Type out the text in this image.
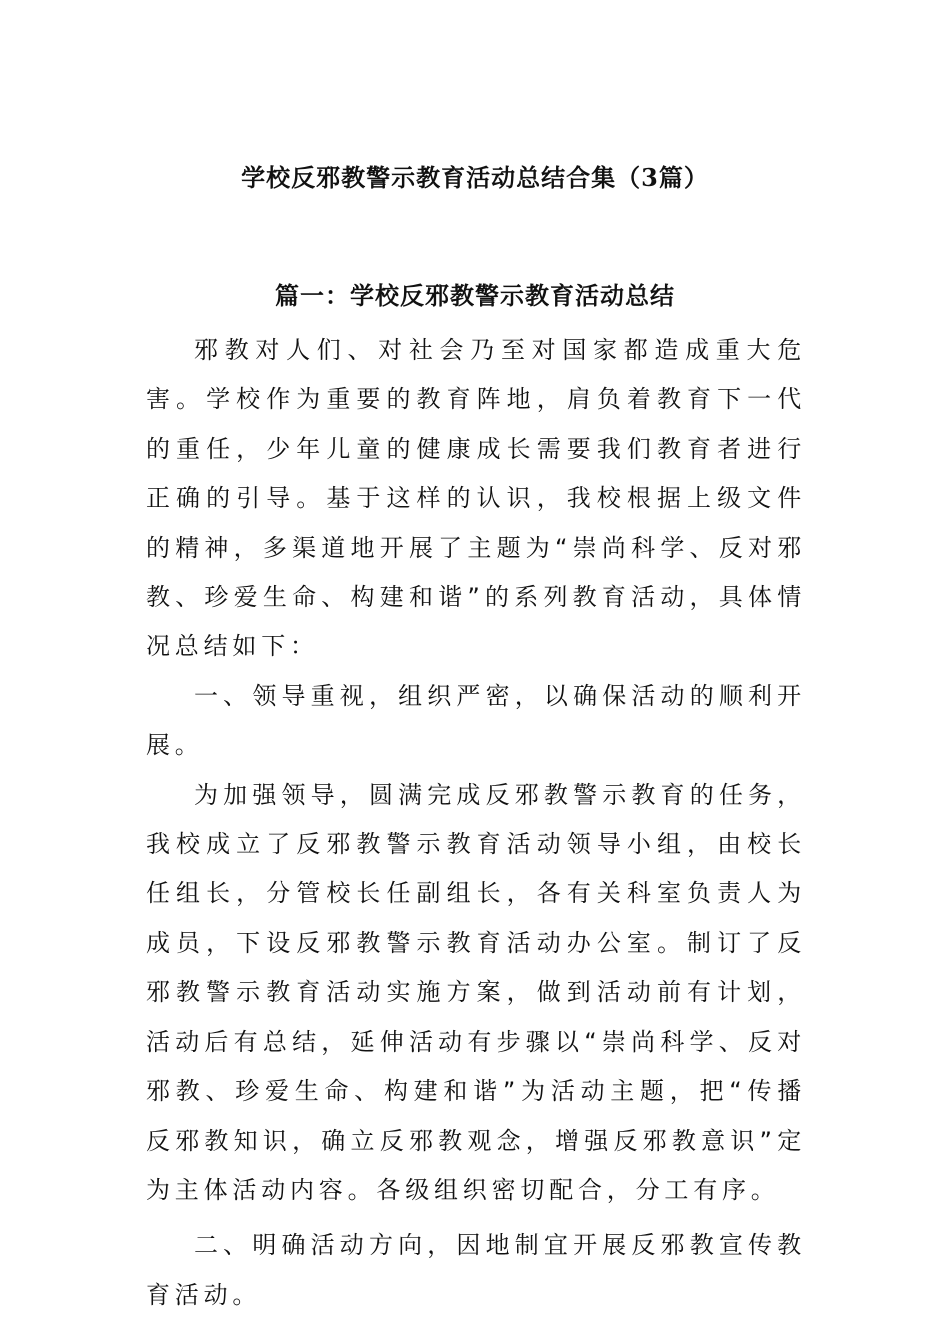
学校反邪教警示教育活动总结合集（3篇）
篇一：学校反邪教警示教育活动总结

邪教对人们、对社会乃至对国家都造成重大危害。学校作为重要的教育阵地，肩负着教育下一代的重任，少年儿童的健康成长需要我们教育者进行正确的引导。基于这样的认识，我校根据上级文件的精神，多渠道地开展了主题为“崇尚科学、反对邪教、珍爱生命、构建和谐”的系列教育活动，具体情况总结如下：

一、领导重视，组织严密，以确保活动的顺利开展。

为加强领导，圆满完成反邪教警示教育的任务，我校成立了反邪教警示教育活动领导小组，由校长任组长，分管校长任副组长，各有关科室负责人为成员，下设反邪教警示教育活动办公室。制订了反邪教警示教育活动实施方案，做到活动前有计划，活动后有总结，延伸活动有步骤以“崇尚科学、反对邪教、珍爱生命、构建和谐”为活动主题，把“传播反邪教知识，确立反邪教观念，增强反邪教意识”定为主体活动内容。各级组织密切配合，分工有序。

二、明确活动方向，因地制宜开展反邪教宣传教育活动。
